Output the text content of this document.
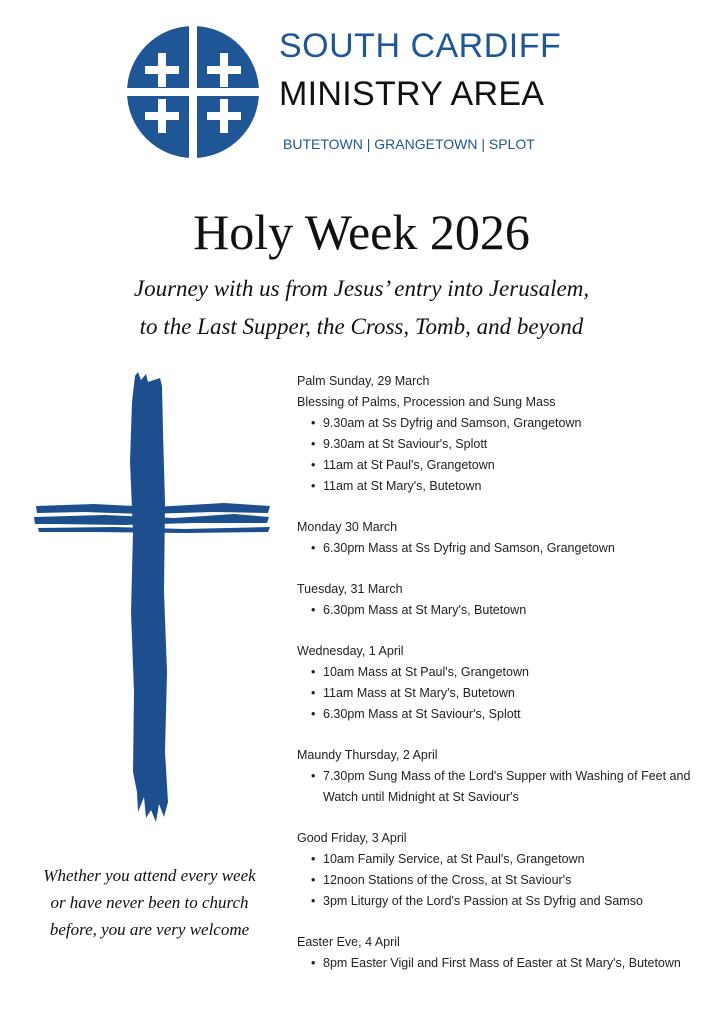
SOUTH CARDIFF
MINISTRY AREA
BUTETOWN | GRANGETOWN | SPLOT
Holy Week 2026
Journey with us from Jesus’ entry into Jerusalem,
to the Last Supper, the Cross, Tomb, and beyond
Whether you attend every week
or have never been to church
before, you are very welcome
Palm Sunday, 29 March
Blessing of Palms, Procession and Sung Mass
• 9.30am at Ss Dyfrig and Samson, Grangetown
• 9.30am at St Saviour's, Splott
• 11am at St Paul's, Grangetown
• 11am at St Mary's, Butetown
Monday 30 March
• 6.30pm Mass at Ss Dyfrig and Samson, Grangetown
Tuesday, 31 March
• 6.30pm Mass at St Mary's, Butetown
Wednesday, 1 April
• 10am Mass at St Paul's, Grangetown
• 11am Mass at St Mary's, Butetown
• 6.30pm Mass at St Saviour's, Splott
Maundy Thursday, 2 April
• 7.30pm Sung Mass of the Lord's Supper with Washing of Feet and Watch until Midnight at St Saviour's
Good Friday, 3 April
• 10am Family Service, at St Paul's, Grangetown
• 12noon Stations of the Cross, at St Saviour's
• 3pm Liturgy of the Lord's Passion at Ss Dyfrig and Samso
Easter Eve, 4 April
• 8pm Easter Vigil and First Mass of Easter at St Mary's, Butetown
